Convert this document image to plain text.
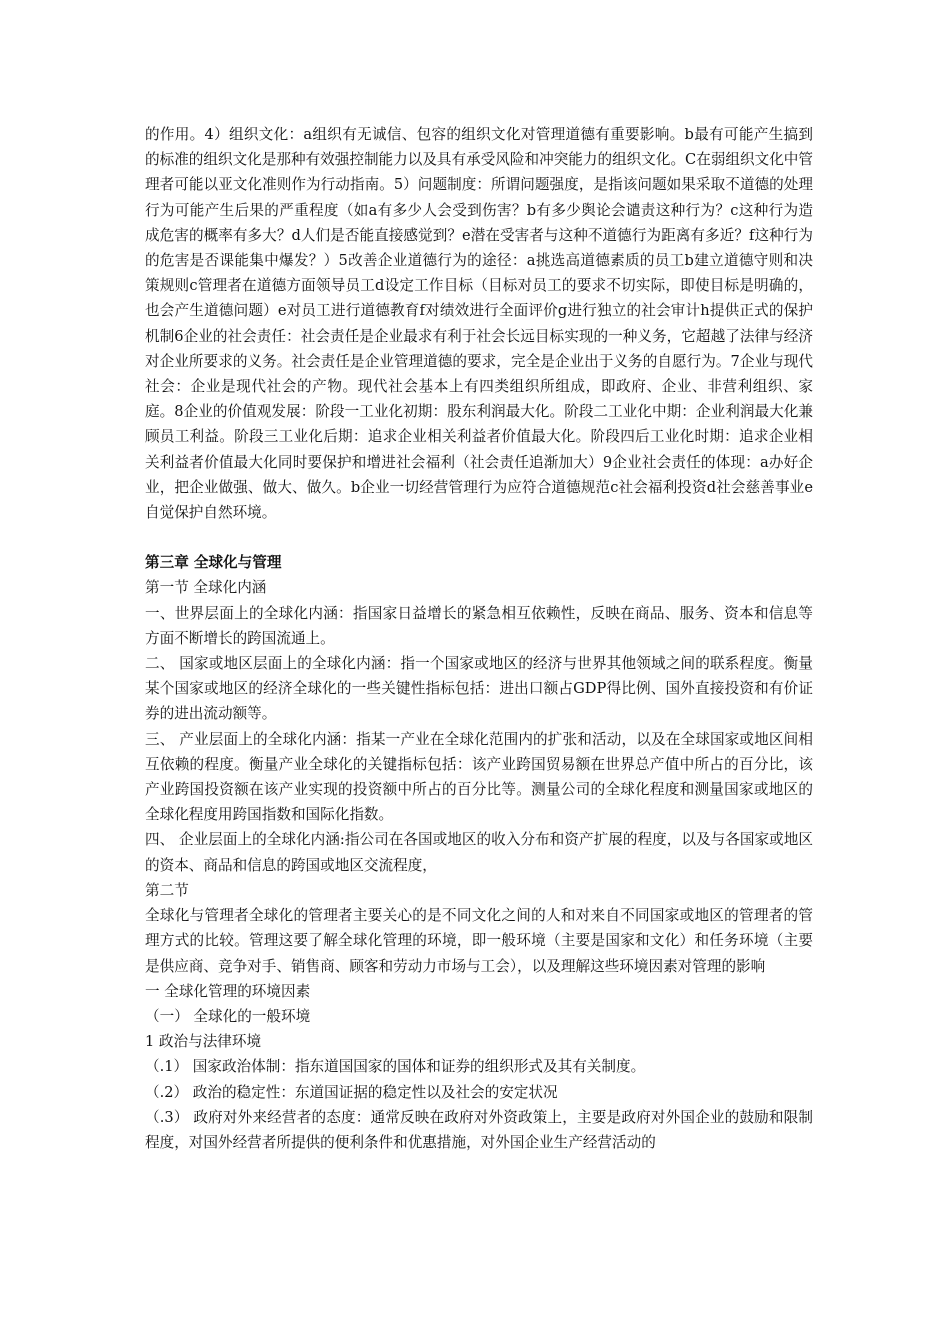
的作用。4）组织文化：a组织有无诚信、包容的组织文化对管理道德有重要影响。b最有可能产生搞到的标准的组织文化是那种有效强控制能力以及具有承受风险和冲突能力的组织文化。C在弱组织文化中管理者可能以亚文化准则作为行动指南。5）问题制度：所谓问题强度，是指该问题如果采取不道德的处理行为可能产生后果的严重程度（如a有多少人会受到伤害？b有多少舆论会谴责这种行为？c这种行为造成危害的概率有多大？d人们是否能直接感觉到？e潜在受害者与这种不道德行为距离有多近？f这种行为的危害是否课能集中爆发？）5改善企业道德行为的途径：a挑选高道德素质的员工b建立道德守则和决策规则c管理者在道德方面领导员工d设定工作目标（目标对员工的要求不切实际，即使目标是明确的，也会产生道德问题）e对员工进行道德教育f对绩效进行全面评价g进行独立的社会审计h提供正式的保护机制6企业的社会责任：社会责任是企业最求有利于社会长远目标实现的一种义务，它超越了法律与经济对企业所要求的义务。社会责任是企业管理道德的要求，完全是企业出于义务的自愿行为。7企业与现代社会：企业是现代社会的产物。现代社会基本上有四类组织所组成，即政府、企业、非营利组织、家庭。8企业的价值观发展：阶段一工业化初期：股东利润最大化。阶段二工业化中期：企业利润最大化兼顾员工利益。阶段三工业化后期：追求企业相关利益者价值最大化。阶段四后工业化时期：追求企业相关利益者价值最大化同时要保护和增进社会福利（社会责任追渐加大）9企业社会责任的体现：a办好企业，把企业做强、做大、做久。b企业一切经营管理行为应符合道德规范c社会福利投资d社会慈善事业e自觉保护自然环境。

第三章 全球化与管理

第一节 全球化内涵

一、世界层面上的全球化内涵：指国家日益增长的紧急相互依赖性，反映在商品、服务、资本和信息等方面不断增长的跨国流通上。

二、 国家或地区层面上的全球化内涵：指一个国家或地区的经济与世界其他领域之间的联系程度。衡量某个国家或地区的经济全球化的一些关键性指标包括：进出口额占GDP得比例、国外直接投资和有价证券的进出流动额等。

三、 产业层面上的全球化内涵：指某一产业在全球化范围内的扩张和活动，以及在全球国家或地区间相互依赖的程度。衡量产业全球化的关键指标包括：该产业跨国贸易额在世界总产值中所占的百分比，该产业跨国投资额在该产业实现的投资额中所占的百分比等。测量公司的全球化程度和测量国家或地区的全球化程度用跨国指数和国际化指数。

四、 企业层面上的全球化内涵:指公司在各国或地区的收入分布和资产扩展的程度，以及与各国家或地区的资本、商品和信息的跨国或地区交流程度，

第二节

全球化与管理者全球化的管理者主要关心的是不同文化之间的人和对来自不同国家或地区的管理者的管理方式的比较。管理这要了解全球化管理的环境，即一般环境（主要是国家和文化）和任务环境（主要是供应商、竞争对手、销售商、顾客和劳动力市场与工会），以及理解这些环境因素对管理的影响

一 全球化管理的环境因素

（一） 全球化的一般环境

1 政治与法律环境

（.1） 国家政治体制：指东道国国家的国体和证券的组织形式及其有关制度。

（.2） 政治的稳定性：东道国证据的稳定性以及社会的安定状况

（.3） 政府对外来经营者的态度：通常反映在政府对外资政策上，主要是政府对外国企业的鼓励和限制程度，对国外经营者所提供的便利条件和优惠措施，对外国企业生产经营活动的
